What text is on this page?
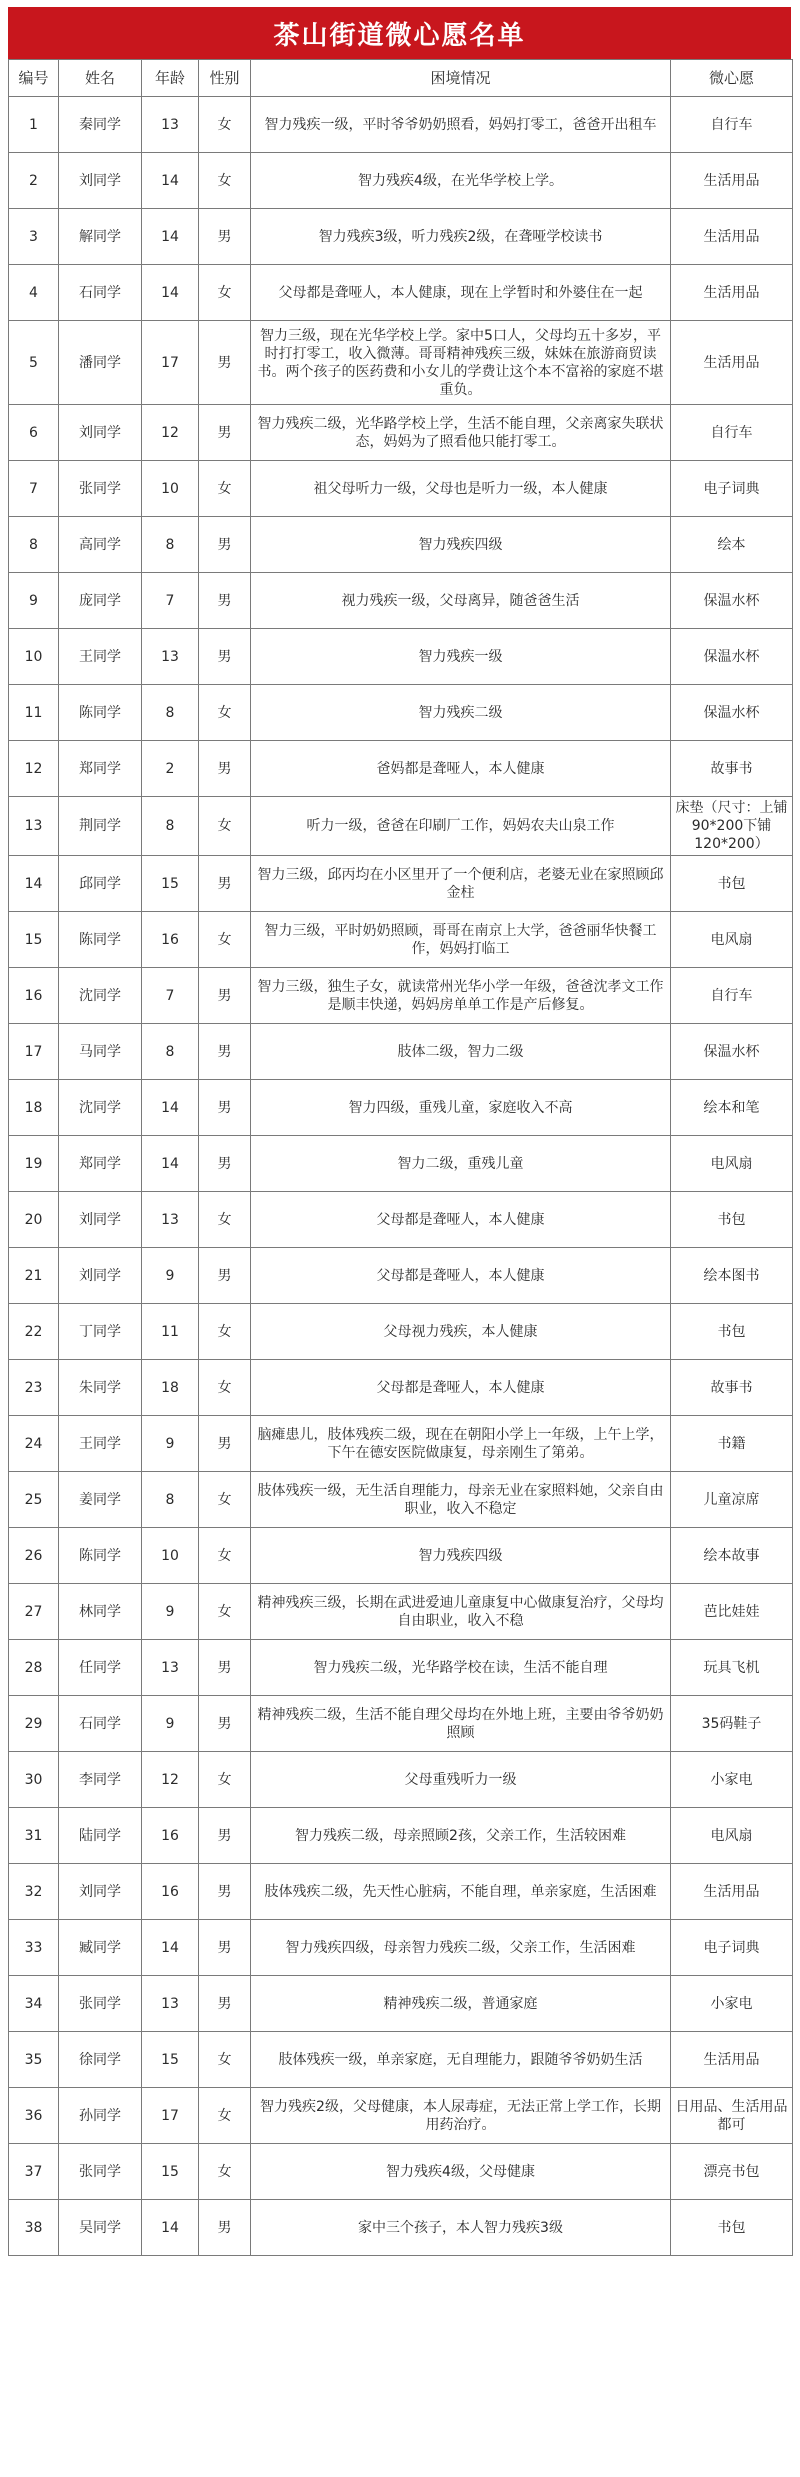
茶山街道微心愿名单
编号	姓名	年龄	性别	困境情况	微心愿
1	秦同学	13	女	智力残疾一级，平时爷爷奶奶照看，妈妈打零工，爸爸开出租车	自行车
2	刘同学	14	女	智力残疾4级，在光华学校上学。	生活用品
3	解同学	14	男	智力残疾3级，听力残疾2级，在聋哑学校读书	生活用品
4	石同学	14	女	父母都是聋哑人，本人健康，现在上学暂时和外婆住在一起	生活用品
5	潘同学	17	男	智力三级，现在光华学校上学。家中5口人，父母均五十多岁，平时打打零工，收入微薄。哥哥精神残疾三级，妹妹在旅游商贸读书。两个孩子的医药费和小女儿的学费让这个本不富裕的家庭不堪重负。	生活用品
6	刘同学	12	男	智力残疾二级，光华路学校上学，生活不能自理，父亲离家失联状态，妈妈为了照看他只能打零工。	自行车
7	张同学	10	女	祖父母听力一级，父母也是听力一级，本人健康	电子词典
8	高同学	8	男	智力残疾四级	绘本
9	庞同学	7	男	视力残疾一级，父母离异，随爸爸生活	保温水杯
10	王同学	13	男	智力残疾一级	保温水杯
11	陈同学	8	女	智力残疾二级	保温水杯
12	郑同学	2	男	爸妈都是聋哑人，本人健康	故事书
13	荆同学	8	女	听力一级，爸爸在印刷厂工作，妈妈农夫山泉工作	床垫（尺寸：上铺90*200下铺120*200）
14	邱同学	15	男	智力三级，邱丙均在小区里开了一个便利店，老婆无业在家照顾邱金柱	书包
15	陈同学	16	女	智力三级，平时奶奶照顾，哥哥在南京上大学，爸爸丽华快餐工作，妈妈打临工	电风扇
16	沈同学	7	男	智力三级，独生子女，就读常州光华小学一年级，爸爸沈孝文工作是顺丰快递，妈妈房单单工作是产后修复。	自行车
17	马同学	8	男	肢体二级，智力二级	保温水杯
18	沈同学	14	男	智力四级，重残儿童，家庭收入不高	绘本和笔
19	郑同学	14	男	智力二级，重残儿童	电风扇
20	刘同学	13	女	父母都是聋哑人，本人健康	书包
21	刘同学	9	男	父母都是聋哑人，本人健康	绘本图书
22	丁同学	11	女	父母视力残疾，本人健康	书包
23	朱同学	18	女	父母都是聋哑人，本人健康	故事书
24	王同学	9	男	脑瘫患儿，肢体残疾二级，现在在朝阳小学上一年级，上午上学，下午在德安医院做康复，母亲刚生了第弟。	书籍
25	姜同学	8	女	肢体残疾一级，无生活自理能力，母亲无业在家照料她，父亲自由职业，收入不稳定	儿童凉席
26	陈同学	10	女	智力残疾四级	绘本故事
27	林同学	9	女	精神残疾三级，长期在武进爱迪儿童康复中心做康复治疗，父母均自由职业，收入不稳	芭比娃娃
28	任同学	13	男	智力残疾二级，光华路学校在读，生活不能自理	玩具飞机
29	石同学	9	男	精神残疾二级，生活不能自理父母均在外地上班，主要由爷爷奶奶照顾	35码鞋子
30	李同学	12	女	父母重残听力一级	小家电
31	陆同学	16	男	智力残疾二级，母亲照顾2孩，父亲工作，生活较困难	电风扇
32	刘同学	16	男	肢体残疾二级，先天性心脏病，不能自理，单亲家庭，生活困难	生活用品
33	臧同学	14	男	智力残疾四级，母亲智力残疾二级，父亲工作，生活困难	电子词典
34	张同学	13	男	精神残疾二级，普通家庭	小家电
35	徐同学	15	女	肢体残疾一级，单亲家庭，无自理能力，跟随爷爷奶奶生活	生活用品
36	孙同学	17	女	智力残疾2级，父母健康，本人尿毒症，无法正常上学工作，长期用药治疗。	日用品、生活用品都可
37	张同学	15	女	智力残疾4级，父母健康	漂亮书包
38	吴同学	14	男	家中三个孩子，本人智力残疾3级	书包
